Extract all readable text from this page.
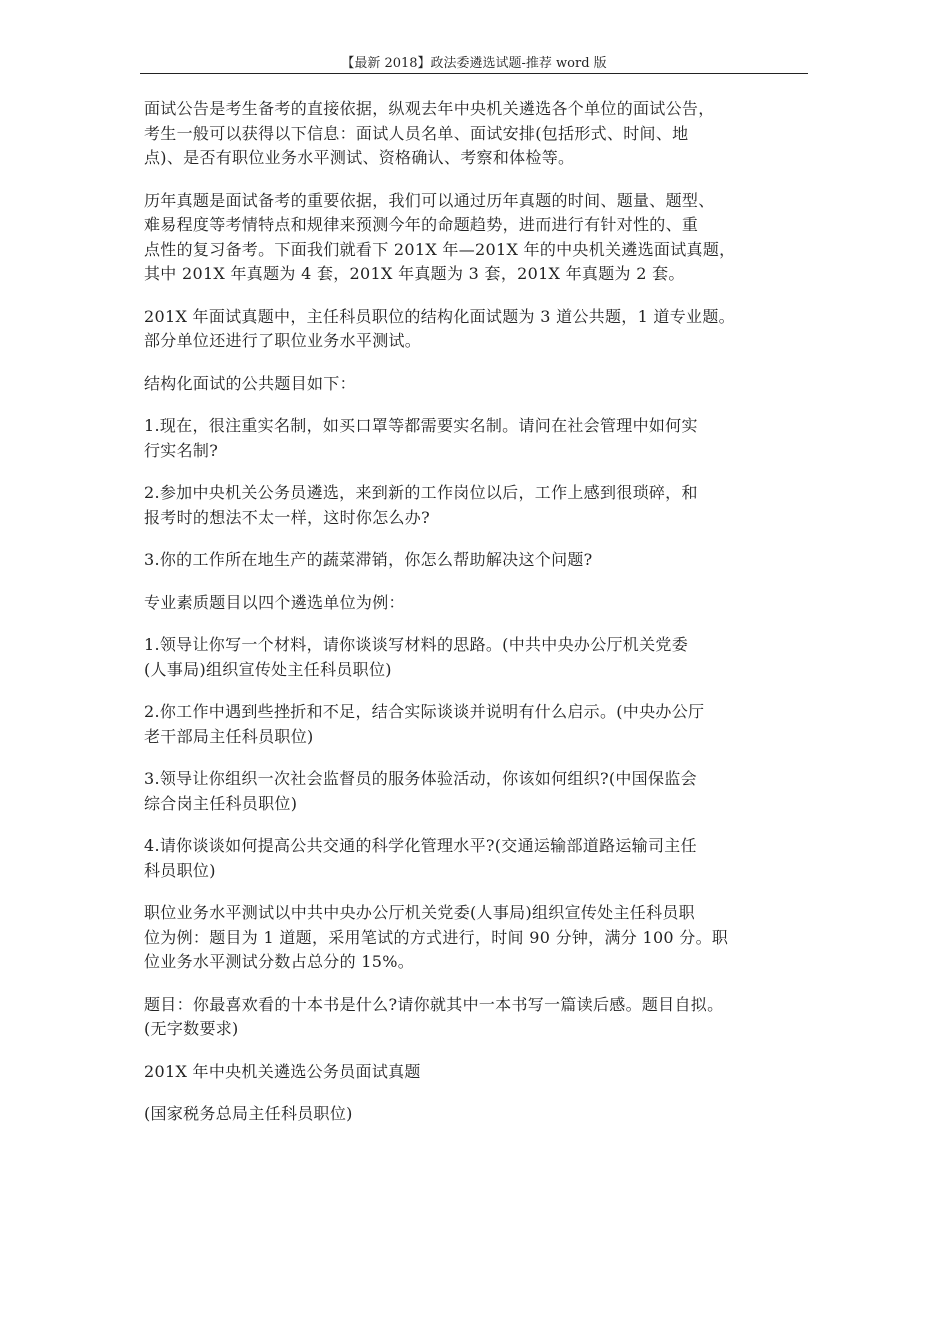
【最新 2018】政法委遴选试题-推荐 word 版
面试公告是考生备考的直接依据，纵观去年中央机关遴选各个单位的面试公告，
考生一般可以获得以下信息：面试人员名单、面试安排(包括形式、时间、地
点)、是否有职位业务水平测试、资格确认、考察和体检等。
历年真题是面试备考的重要依据，我们可以通过历年真题的时间、题量、题型、
难易程度等考情特点和规律来预测今年的命题趋势，进而进行有针对性的、重
点性的复习备考。下面我们就看下 201X 年—201X 年的中央机关遴选面试真题，
其中 201X 年真题为 4 套，201X 年真题为 3 套，201X 年真题为 2 套。
201X 年面试真题中，主任科员职位的结构化面试题为 3 道公共题，1 道专业题。
部分单位还进行了职位业务水平测试。
结构化面试的公共题目如下：
1.现在，很注重实名制，如买口罩等都需要实名制。请问在社会管理中如何实
行实名制?
2.参加中央机关公务员遴选，来到新的工作岗位以后，工作上感到很琐碎，和
报考时的想法不太一样，这时你怎么办?
3.你的工作所在地生产的蔬菜滞销，你怎么帮助解决这个问题?
专业素质题目以四个遴选单位为例：
1.领导让你写一个材料，请你谈谈写材料的思路。(中共中央办公厅机关党委
(人事局)组织宣传处主任科员职位)
2.你工作中遇到些挫折和不足，结合实际谈谈并说明有什么启示。(中央办公厅
老干部局主任科员职位)
3.领导让你组织一次社会监督员的服务体验活动，你该如何组织?(中国保监会
综合岗主任科员职位)
4.请你谈谈如何提高公共交通的科学化管理水平?(交通运输部道路运输司主任
科员职位)
职位业务水平测试以中共中央办公厅机关党委(人事局)组织宣传处主任科员职
位为例：题目为 1 道题，采用笔试的方式进行，时间 90 分钟，满分 100 分。职
位业务水平测试分数占总分的 15%。
题目：你最喜欢看的十本书是什么?请你就其中一本书写一篇读后感。题目自拟。
(无字数要求)
201X 年中央机关遴选公务员面试真题
(国家税务总局主任科员职位)
